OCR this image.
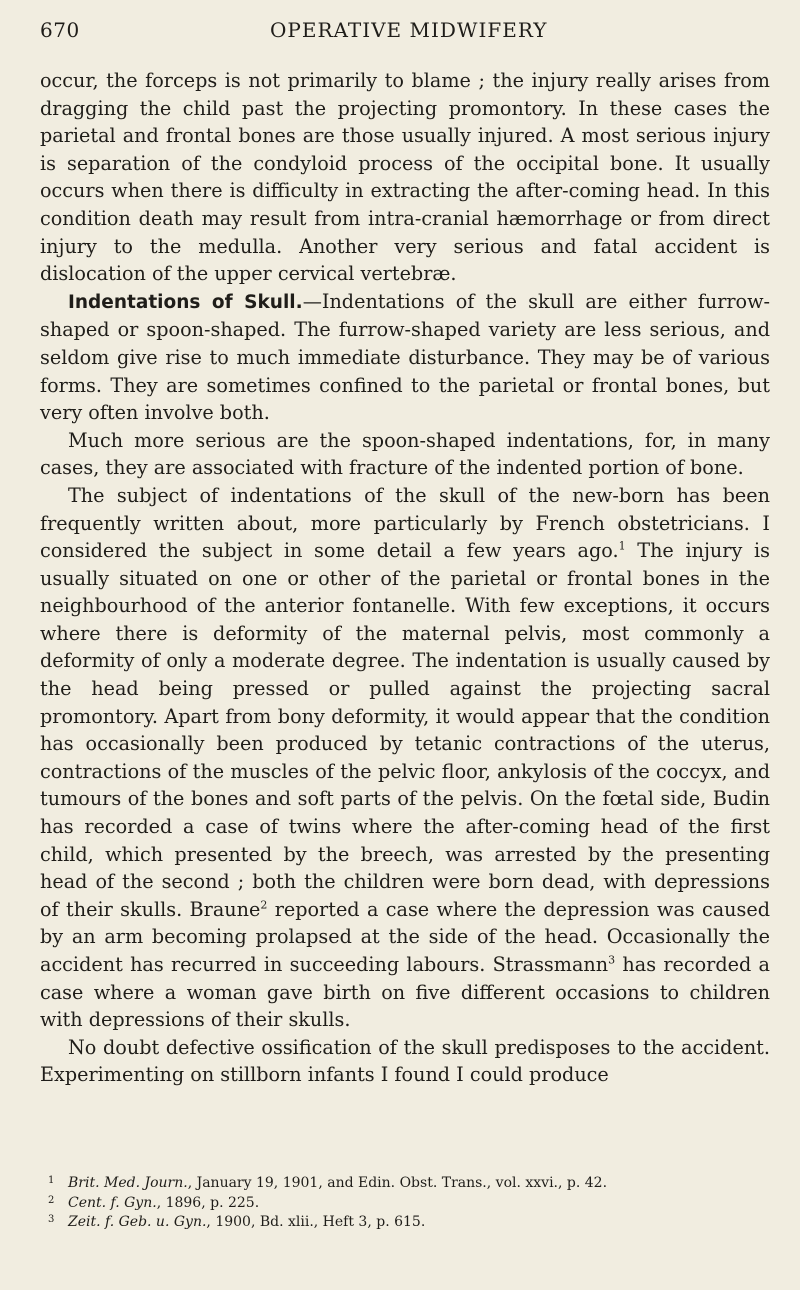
670	OPERATIVE MIDWIFERY

occur, the forceps is not primarily to blame ; the injury really arises from dragging the child past the projecting promontory. In these cases the parietal and frontal bones are those usually injured. A most serious injury is separation of the condyloid process of the occipital bone. It usually occurs when there is difficulty in extracting the after-coming head. In this condition death may result from intra-cranial hæmorrhage or from direct injury to the medulla. Another very serious and fatal accident is dislocation of the upper cervical vertebræ.

Indentations of Skull.—Indentations of the skull are either furrow-shaped or spoon-shaped. The furrow-shaped variety are less serious, and seldom give rise to much immediate disturbance. They may be of various forms. They are sometimes confined to the parietal or frontal bones, but very often involve both.

Much more serious are the spoon-shaped indentations, for, in many cases, they are associated with fracture of the indented portion of bone.

The subject of indentations of the skull of the new-born has been frequently written about, more particularly by French obstetricians. I considered the subject in some detail a few years ago.$^1$ The injury is usually situated on one or other of the parietal or frontal bones in the neighbourhood of the anterior fontanelle. With few exceptions, it occurs where there is deformity of the maternal pelvis, most commonly a deformity of only a moderate degree. The indentation is usually caused by the head being pressed or pulled against the projecting sacral promontory. Apart from bony deformity, it would appear that the condition has occasionally been produced by tetanic contractions of the uterus, contractions of the muscles of the pelvic floor, ankylosis of the coccyx, and tumours of the bones and soft parts of the pelvis. On the fœtal side, Budin has recorded a case of twins where the after-coming head of the first child, which presented by the breech, was arrested by the presenting head of the second ; both the children were born dead, with depressions of their skulls. Braune$^2$ reported a case where the depression was caused by an arm becoming prolapsed at the side of the head. Occasionally the accident has recurred in succeeding labours. Strassmann$^3$ has recorded a case where a woman gave birth on five different occasions to children with depressions of their skulls.

No doubt defective ossification of the skull predisposes to the accident. Experimenting on stillborn infants I found I could produce

1 Brit. Med. Journ., January 19, 1901, and Edin. Obst. Trans., vol. xxvi., p. 42.
2 Cent. f. Gyn., 1896, p. 225.
3 Zeit. f. Geb. u. Gyn., 1900, Bd. xlii., Heft 3, p. 615.
